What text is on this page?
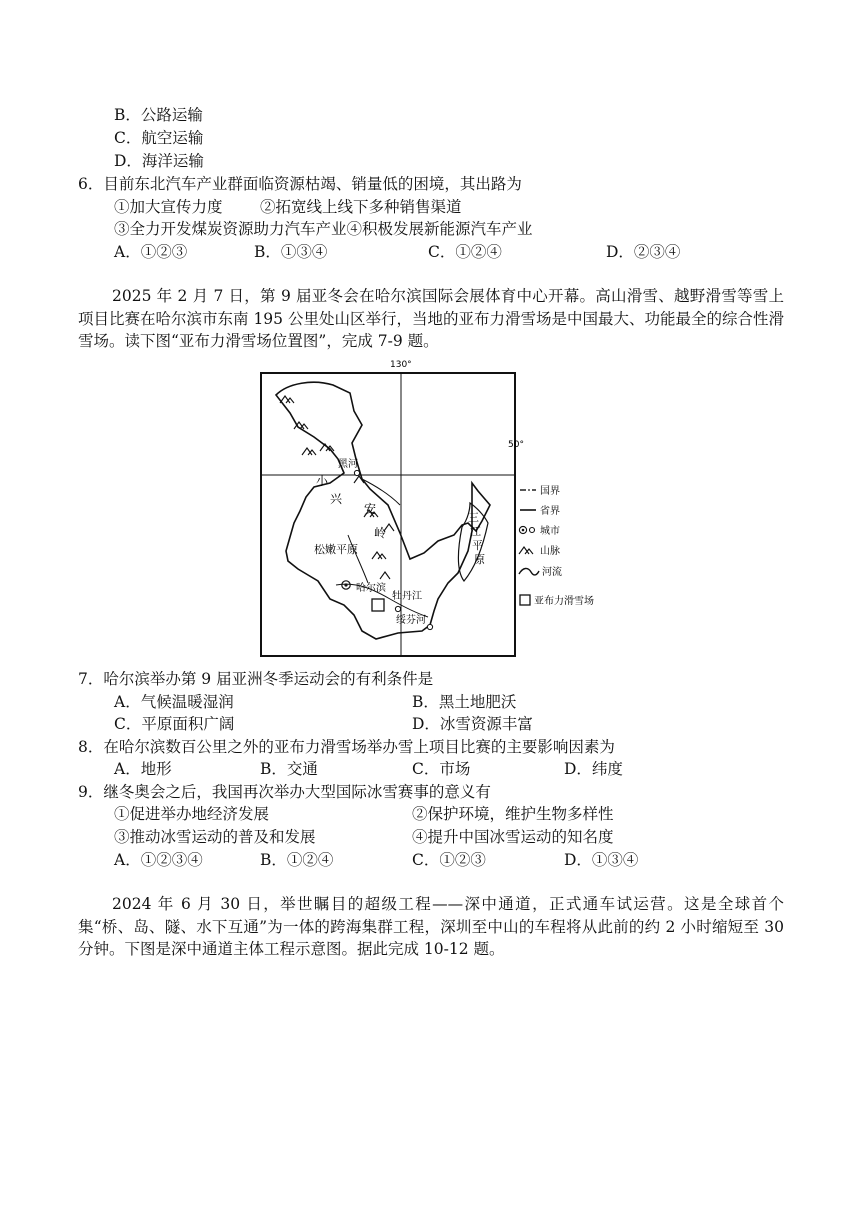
B．公路运输
C．航空运输
D．海洋运输
6．目前东北汽车产业群面临资源枯竭、销量低的困境，其出路为
①加大宣传力度 ②拓宽线上线下多种销售渠道
③全力开发煤炭资源助力汽车产业④积极发展新能源汽车产业
A．①②③	B．①③④	C．①②④	D．②③④
2025 年 2 月 7 日，第 9 届亚冬会在哈尔滨国际会展体育中心开幕。高山滑雪、越野滑雪等雪上项目比赛在哈尔滨市东南 195 公里处山区举行，当地的亚布力滑雪场是中国最大、功能最全的综合性滑雪场。读下图“亚布力滑雪场位置图”，完成 7-9 题。
130°
50°
黑河
小
兴
安
岭
松嫩平原
三江平原
哈尔滨
牡丹江
绥芬河
国界
省界
城市
山脉
河流
亚布力滑雪场
7．哈尔滨举办第 9 届亚洲冬季运动会的有利条件是
A．气候温暖湿润	B．黑土地肥沃
C．平原面积广阔	D．冰雪资源丰富
8．在哈尔滨数百公里之外的亚布力滑雪场举办雪上项目比赛的主要影响因素为
A．地形	B．交通	C．市场	D．纬度
9．继冬奥会之后，我国再次举办大型国际冰雪赛事的意义有
①促进举办地经济发展	②保护环境，维护生物多样性
③推动冰雪运动的普及和发展	④提升中国冰雪运动的知名度
A．①②③④	B．①②④	C．①②③	D．①③④
2024 年 6 月 30 日，举世瞩目的超级工程——深中通道，正式通车试运营。这是全球首个集“桥、岛、隧、水下互通”为一体的跨海集群工程，深圳至中山的车程将从此前的约 2 小时缩短至 30 分钟。下图是深中通道主体工程示意图。据此完成 10-12 题。
